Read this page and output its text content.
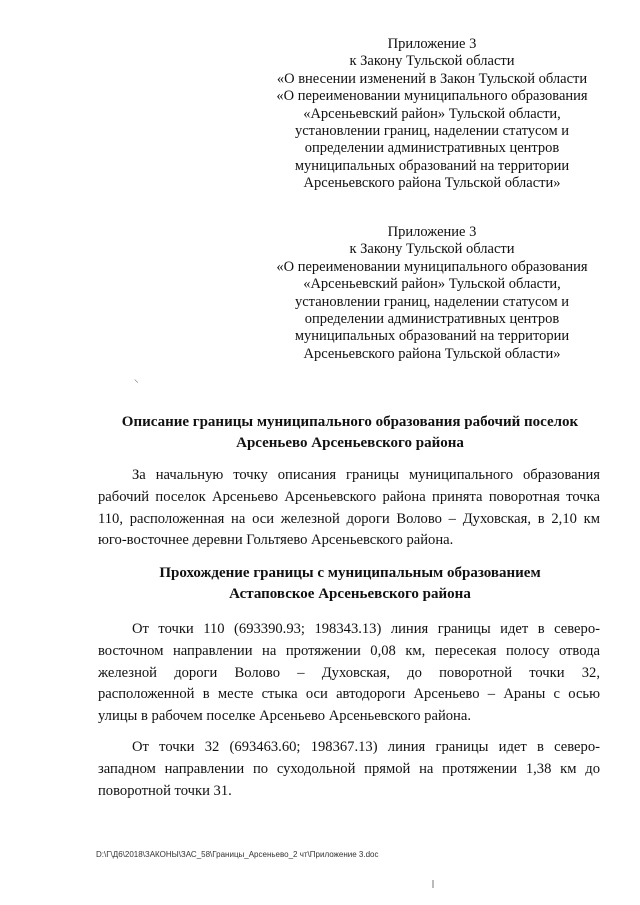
Приложение 3
к Закону Тульской области
«О внесении изменений в Закон Тульской области
«О переименовании муниципального образования
«Арсеньевский район» Тульской области,
установлении границ, наделении статусом и
определении административных центров
муниципальных образований на территории
Арсеньевского района Тульской области»
Приложение 3
к Закону Тульской области
«О переименовании муниципального образования
«Арсеньевский район» Тульской области,
установлении границ, наделении статусом и
определении административных центров
муниципальных образований на территории
Арсеньевского района Тульской области»
⸜
Описание границы муниципального образования рабочий поселок
Арсеньево Арсеньевского района
За начальную точку описания границы муниципального образования
рабочий поселок Арсеньево Арсеньевского района принята поворотная точка
110, расположенная на оси железной дороги Волово – Духовская, в 2,10 км
юго-восточнее деревни Гольтяево Арсеньевского района.
Прохождение границы с муниципальным образованием
Астаповское Арсеньевского района
От точки 110 (693390.93; 198343.13) линия границы идет в северо-
восточном направлении на протяжении 0,08 км, пересекая полосу отвода
железной дороги Волово – Духовская, до поворотной точки 32,
расположенной в месте стыка оси автодороги Арсеньево – Араны с осью
улицы в рабочем поселке Арсеньево Арсеньевского района.
От точки 32 (693463.60; 198367.13) линия границы идет в северо-
западном направлении по суходольной прямой на протяжении 1,38 км до
поворотной точки 31.
D:\Г\Д6\2018\ЗАКОНЫ\ЗАС_58\Границы_Арсеньево_2 чт\Приложение 3.doc
